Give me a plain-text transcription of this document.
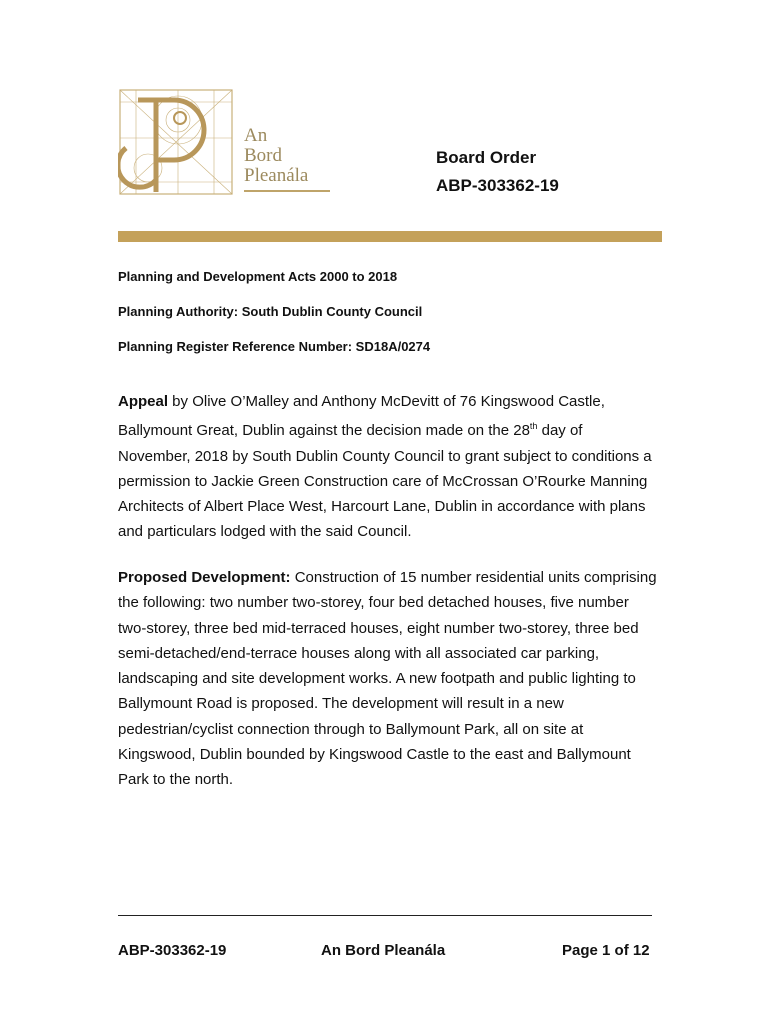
An
Bord
Pleanála
Board Order
ABP-303362-19
Planning and Development Acts 2000 to 2018
Planning Authority: South Dublin County Council
Planning Register Reference Number: SD18A/0274

Appeal by Olive O’Malley and Anthony McDevitt of 76 Kingswood Castle, Ballymount Great, Dublin against the decision made on the 28th day of November, 2018 by South Dublin County Council to grant subject to conditions a permission to Jackie Green Construction care of McCrossan O’Rourke Manning Architects of Albert Place West, Harcourt Lane, Dublin in accordance with plans and particulars lodged with the said Council.

Proposed Development: Construction of 15 number residential units comprising the following: two number two-storey, four bed detached houses, five number two-storey, three bed mid-terraced houses, eight number two-storey, three bed semi-detached/end-terrace houses along with all associated car parking, landscaping and site development works. A new footpath and public lighting to Ballymount Road is proposed. The development will result in a new pedestrian/cyclist connection through to Ballymount Park, all on site at Kingswood, Dublin bounded by Kingswood Castle to the east and Ballymount Park to the north.

ABP-303362-19	An Bord Pleanála	Page 1 of 12
